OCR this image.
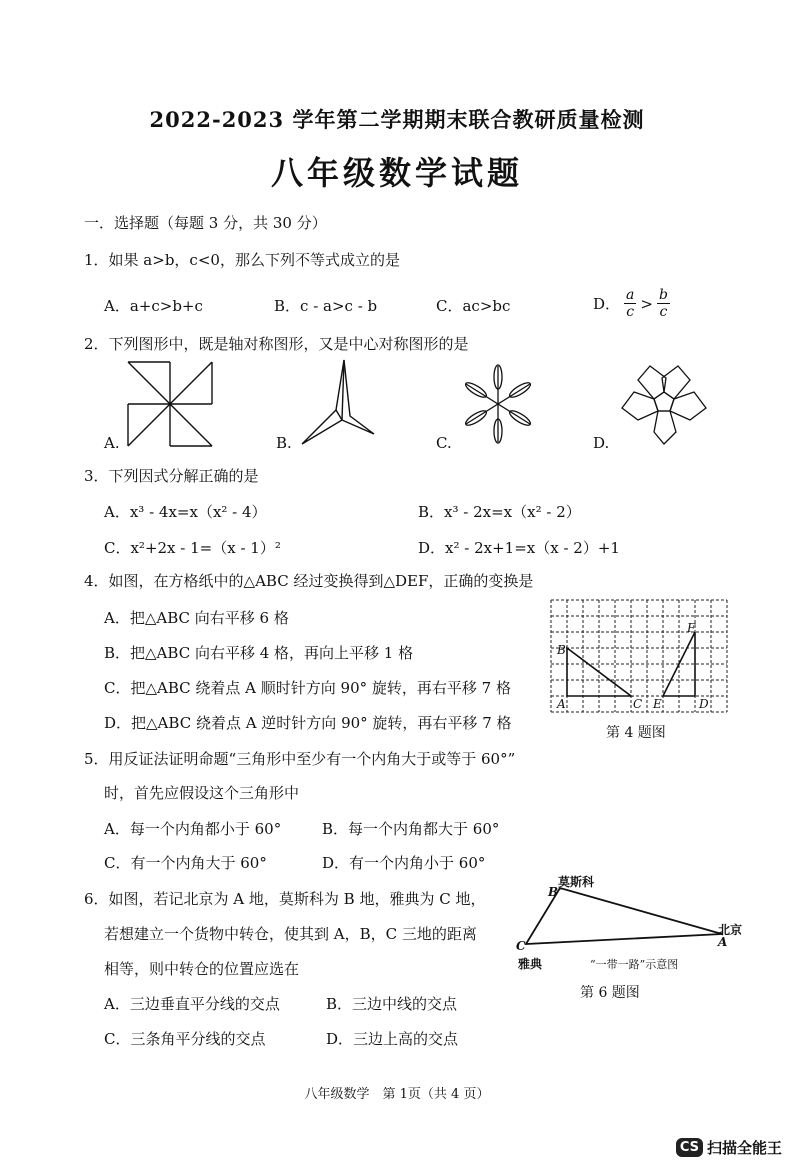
2022-2023 学年第二学期期末联合教研质量检测
八年级数学试题
一．选择题（每题 3 分，共 30 分）
1．如果 a>b，c<0，那么下列不等式成立的是
A．a+c>b+c	B．c - a>c - b	C．ac>bc	D． $\frac{a}{c} > \frac{b}{c}$
2．下列图形中，既是轴对称图形，又是中心对称图形的是
A.	B.	C.	D.
3．下列因式分解正确的是
A．x³ - 4x=x（x² - 4）	B．x³ - 2x=x（x² - 2）
C．x²+2x - 1=（x - 1）²	D．x² - 2x+1=x（x - 2）+1
4．如图，在方格纸中的△ABC 经过变换得到△DEF，正确的变换是
A．把△ABC 向右平移 6 格
B．把△ABC 向右平移 4 格，再向上平移 1 格
C．把△ABC 绕着点 A 顺时针方向 90° 旋转，再右平移 7 格
D．把△ABC 绕着点 A 逆时针方向 90° 旋转，再右平移 7 格
B
A	C E	D
F
第 4 题图
5．用反证法证明命题“三角形中至少有一个内角大于或等于 60°”
时，首先应假设这个三角形中
A．每一个内角都小于 60°	B．每一个内角都大于 60°
C．有一个内角大于 60°	D．有一个内角小于 60°
6．如图，若记北京为 A 地，莫斯科为 B 地，雅典为 C 地，
若想建立一个货物中转仓，使其到 A，B，C 三地的距离
相等，则中转仓的位置应选在
A．三边垂直平分线的交点	B．三边中线的交点
C．三条角平分线的交点	D．三边上高的交点
B
莫斯科
C
雅典
A
北京
“一带一路”示意图
第 6 题图
八年级数学　第 1页（共 4 页）
CS 扫描全能王
